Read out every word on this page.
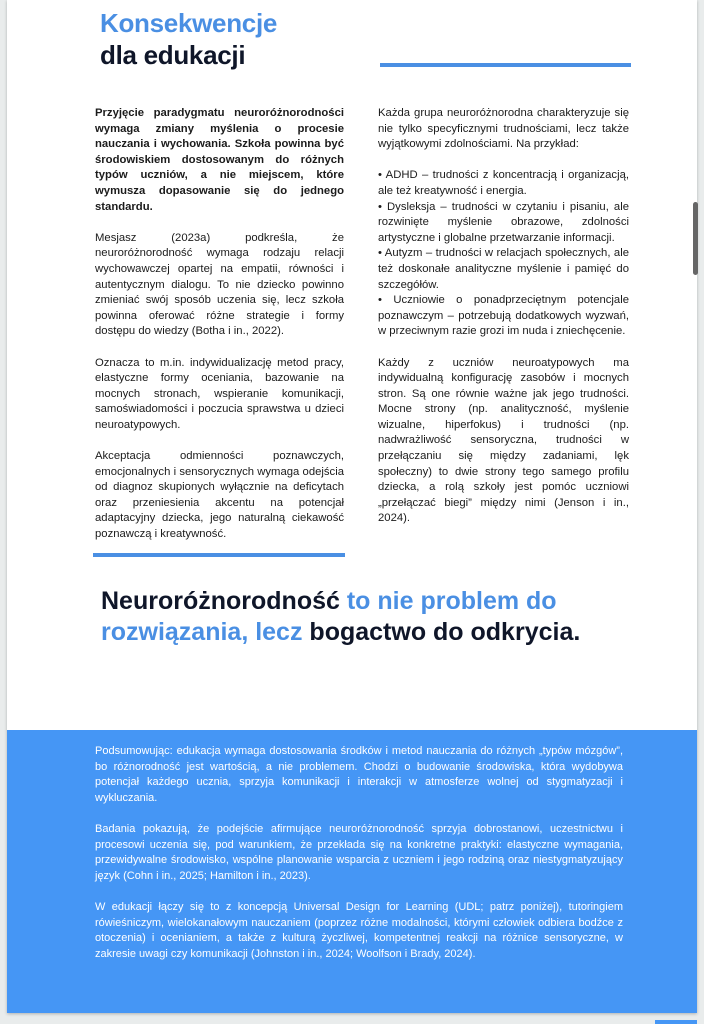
Konsekwencje
dla edukacji

Przyjęcie paradygmatu neuroróżnorodności wymaga zmiany myślenia o procesie nauczania i wychowania. Szkoła powinna być środowiskiem dostosowanym do różnych typów uczniów, a nie miejscem, które wymusza dopasowanie się do jednego standardu.

Mesjasz (2023a) podkreśla, że neuroróżnorodność wymaga rodzaju relacji wychowawczej opartej na empatii, równości i autentycznym dialogu. To nie dziecko powinno zmieniać swój sposób uczenia się, lecz szkoła powinna oferować różne strategie i formy dostępu do wiedzy (Botha i in., 2022).

Oznacza to m.in. indywidualizację metod pracy, elastyczne formy oceniania, bazowanie na mocnych stronach, wspieranie komunikacji, samoświadomości i poczucia sprawstwa u dzieci neuroatypowych.

Akceptacja odmienności poznawczych, emocjonalnych i sensorycznych wymaga odejścia od diagnoz skupionych wyłącznie na deficytach oraz przeniesienia akcentu na potencjał adaptacyjny dziecka, jego naturalną ciekawość poznawczą i kreatywność.

Każda grupa neuroróżnorodna charakteryzuje się nie tylko specyficznymi trudnościami, lecz także wyjątkowymi zdolnościami. Na przykład:

• ADHD – trudności z koncentracją i organizacją, ale też kreatywność i energia.
• Dysleksja – trudności w czytaniu i pisaniu, ale rozwinięte myślenie obrazowe, zdolności artystyczne i globalne przetwarzanie informacji.
• Autyzm – trudności w relacjach społecznych, ale też doskonałe analityczne myślenie i pamięć do szczegółów.
• Uczniowie o ponadprzeciętnym potencjale poznawczym – potrzebują dodatkowych wyzwań, w przeciwnym razie grozi im nuda i zniechęcenie.

Każdy z uczniów neuroatypowych ma indywidualną konfigurację zasobów i mocnych stron. Są one równie ważne jak jego trudności. Mocne strony (np. analityczność, myślenie wizualne, hiperfokus) i trudności (np. nadwrażliwość sensoryczna, trudności w przełączaniu się między zadaniami, lęk społeczny) to dwie strony tego samego profilu dziecka, a rolą szkoły jest pomóc uczniowi „przełączać biegi” między nimi (Jenson i in., 2024).

Neuroróżnorodność to nie problem do rozwiązania, lecz bogactwo do odkrycia.

Podsumowując: edukacja wymaga dostosowania środków i metod nauczania do różnych „typów mózgów”, bo różnorodność jest wartością, a nie problemem. Chodzi o budowanie środowiska, która wydobywa potencjał każdego ucznia, sprzyja komunikacji i interakcji w atmosferze wolnej od stygmatyzacji i wykluczania.

Badania pokazują, że podejście afirmujące neuroróżnorodność sprzyja dobrostanowi, uczestnictwu i procesowi uczenia się, pod warunkiem, że przekłada się na konkretne praktyki: elastyczne wymagania, przewidywalne środowisko, wspólne planowanie wsparcia z uczniem i jego rodziną oraz niestygmatyzujący język (Cohn i in., 2025; Hamilton i in., 2023).

W edukacji łączy się to z koncepcją Universal Design for Learning (UDL; patrz poniżej), tutoringiem rówieśniczym, wielokanałowym nauczaniem (poprzez różne modalności, którymi człowiek odbiera bodźce z otoczenia) i ocenianiem, a także z kulturą życzliwej, kompetentnej reakcji na różnice sensoryczne, w zakresie uwagi czy komunikacji (Johnston i in., 2024; Woolfson i Brady, 2024).
